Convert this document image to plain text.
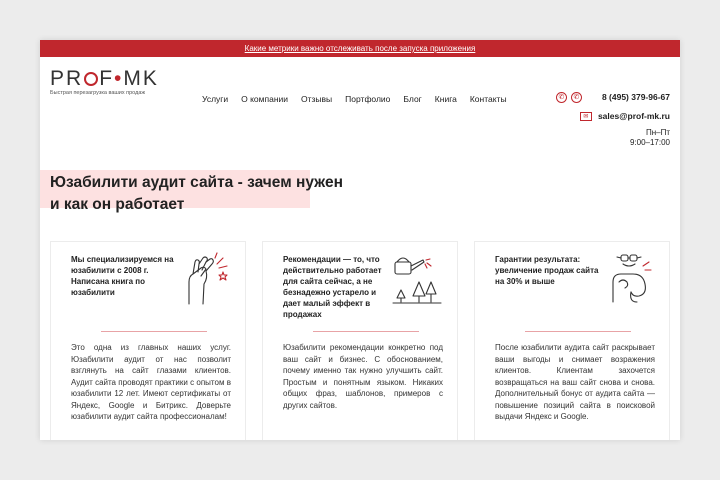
Какие метрики важно отслеживать после запуска приложения
PR F•MK
Быстрая перезагрузка ваших продаж
Услуги О компании Отзывы Портфолио Блог Книга Контакты	✆	✆	8 (495) 379-96-67
✉	sales@prof-mk.ru
Пн–Пт
9:00–17:00
Юзабилити аудит сайта - зачем нужен
и как он работает
Мы специализируемся на юзабилити с 2008 г. Написана книга по юзабилити
Это одна из главных наших услуг. Юзабилити аудит от нас позволит взглянуть на сайт глазами клиентов. Аудит сайта проводят практики с опытом в юзабилити 12 лет. Имеют сертификаты от Яндекс, Google и Битрикс. Доверьте юзабилити аудит сайта профессионалам!
Рекомендации — то, что действительно работает для сайта сейчас, а не безнадежно устарело и дает малый эффект в продажах
Юзабилити рекомендации конкретно под ваш сайт и бизнес. С обоснованием, почему именно так нужно улучшить сайт. Простым и понятным языком. Никаких общих фраз, шаблонов, примеров с других сайтов.
Гарантии результата: увеличение продаж сайта на 30% и выше
После юзабилити аудита сайт раскрывает ваши выгоды и снимает возражения клиентов. Клиентам захочется возвращаться на ваш сайт снова и снова. Дополнительный бонус от аудита сайта — повышение позиций сайта в поисковой выдачи Яндекс и Google.
